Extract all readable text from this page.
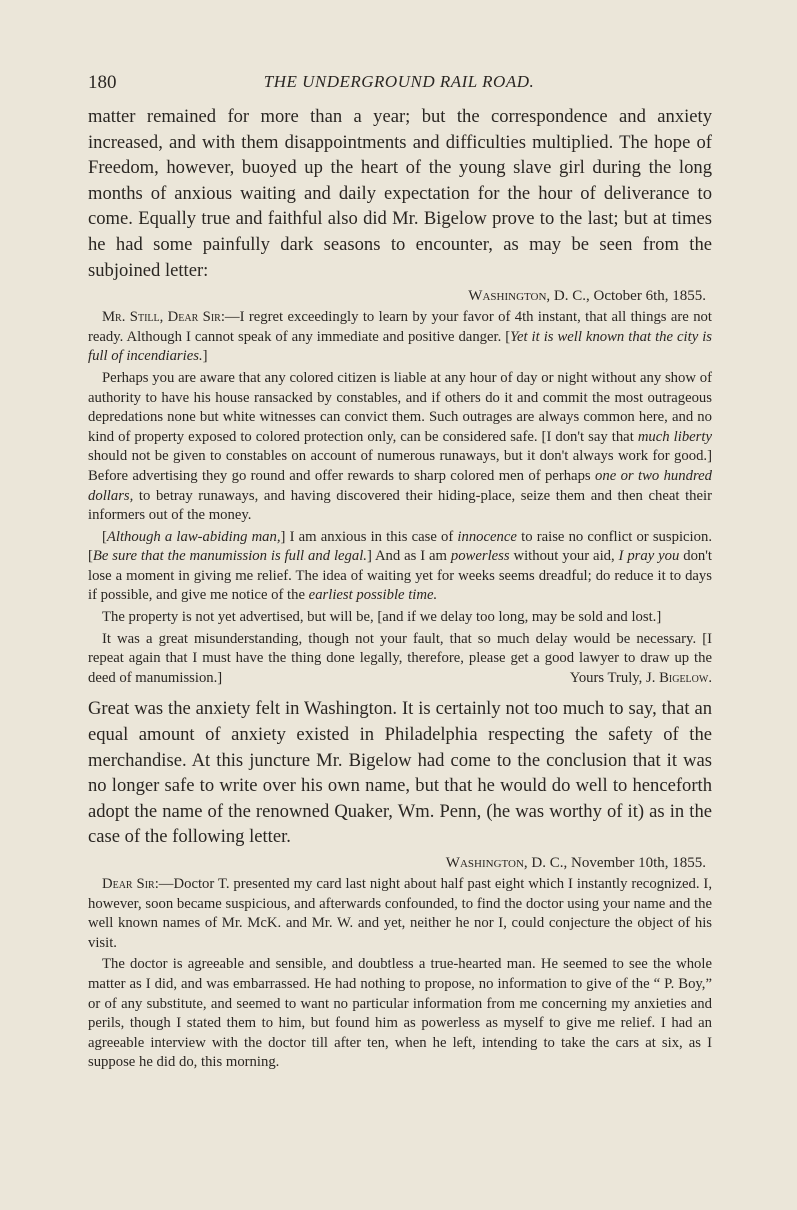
180	THE UNDERGROUND RAIL ROAD.

matter remained for more than a year; but the correspondence and anxiety increased, and with them disappointments and difficulties multiplied. The hope of Freedom, however, buoyed up the heart of the young slave girl during the long months of anxious waiting and daily expectation for the hour of deliverance to come. Equally true and faithful also did Mr. Bigelow prove to the last; but at times he had some painfully dark seasons to encounter, as may be seen from the subjoined letter:

Washington, D. C., October 6th, 1855.

Mr. Still, Dear Sir:—I regret exceedingly to learn by your favor of 4th instant, that all things are not ready. Although I cannot speak of any immediate and positive danger. [Yet it is well known that the city is full of incendiaries.]

Perhaps you are aware that any colored citizen is liable at any hour of day or night without any show of authority to have his house ransacked by constables, and if others do it and commit the most outrageous depredations none but white witnesses can convict them. Such outrages are always common here, and no kind of property exposed to colored protection only, can be considered safe. [I don't say that much liberty should not be given to constables on account of numerous runaways, but it don't always work for good.] Before advertising they go round and offer rewards to sharp colored men of perhaps one or two hundred dollars, to betray runaways, and having discovered their hiding-place, seize them and then cheat their informers out of the money.

[Although a law-abiding man,] I am anxious in this case of innocence to raise no conflict or suspicion. [Be sure that the manumission is full and legal.] And as I am powerless without your aid, I pray you don't lose a moment in giving me relief. The idea of waiting yet for weeks seems dreadful; do reduce it to days if possible, and give me notice of the earliest possible time.

The property is not yet advertised, but will be, [and if we delay too long, may be sold and lost.]

It was a great misunderstanding, though not your fault, that so much delay would be necessary. [I repeat again that I must have the thing done legally, therefore, please get a good lawyer to draw up the deed of manumission.]	Yours Truly, J. Bigelow.

Great was the anxiety felt in Washington. It is certainly not too much to say, that an equal amount of anxiety existed in Philadelphia respecting the safety of the merchandise. At this juncture Mr. Bigelow had come to the conclusion that it was no longer safe to write over his own name, but that he would do well to henceforth adopt the name of the renowned Quaker, Wm. Penn, (he was worthy of it) as in the case of the following letter.

Washington, D. C., November 10th, 1855.

Dear Sir:—Doctor T. presented my card last night about half past eight which I instantly recognized. I, however, soon became suspicious, and afterwards confounded, to find the doctor using your name and the well known names of Mr. McK. and Mr. W. and yet, neither he nor I, could conjecture the object of his visit.

The doctor is agreeable and sensible, and doubtless a true-hearted man. He seemed to see the whole matter as I did, and was embarrassed. He had nothing to propose, no information to give of the “ P. Boy,” or of any substitute, and seemed to want no particular information from me concerning my anxieties and perils, though I stated them to him, but found him as powerless as myself to give me relief. I had an agreeable interview with the doctor till after ten, when he left, intending to take the cars at six, as I suppose he did do, this morning.
